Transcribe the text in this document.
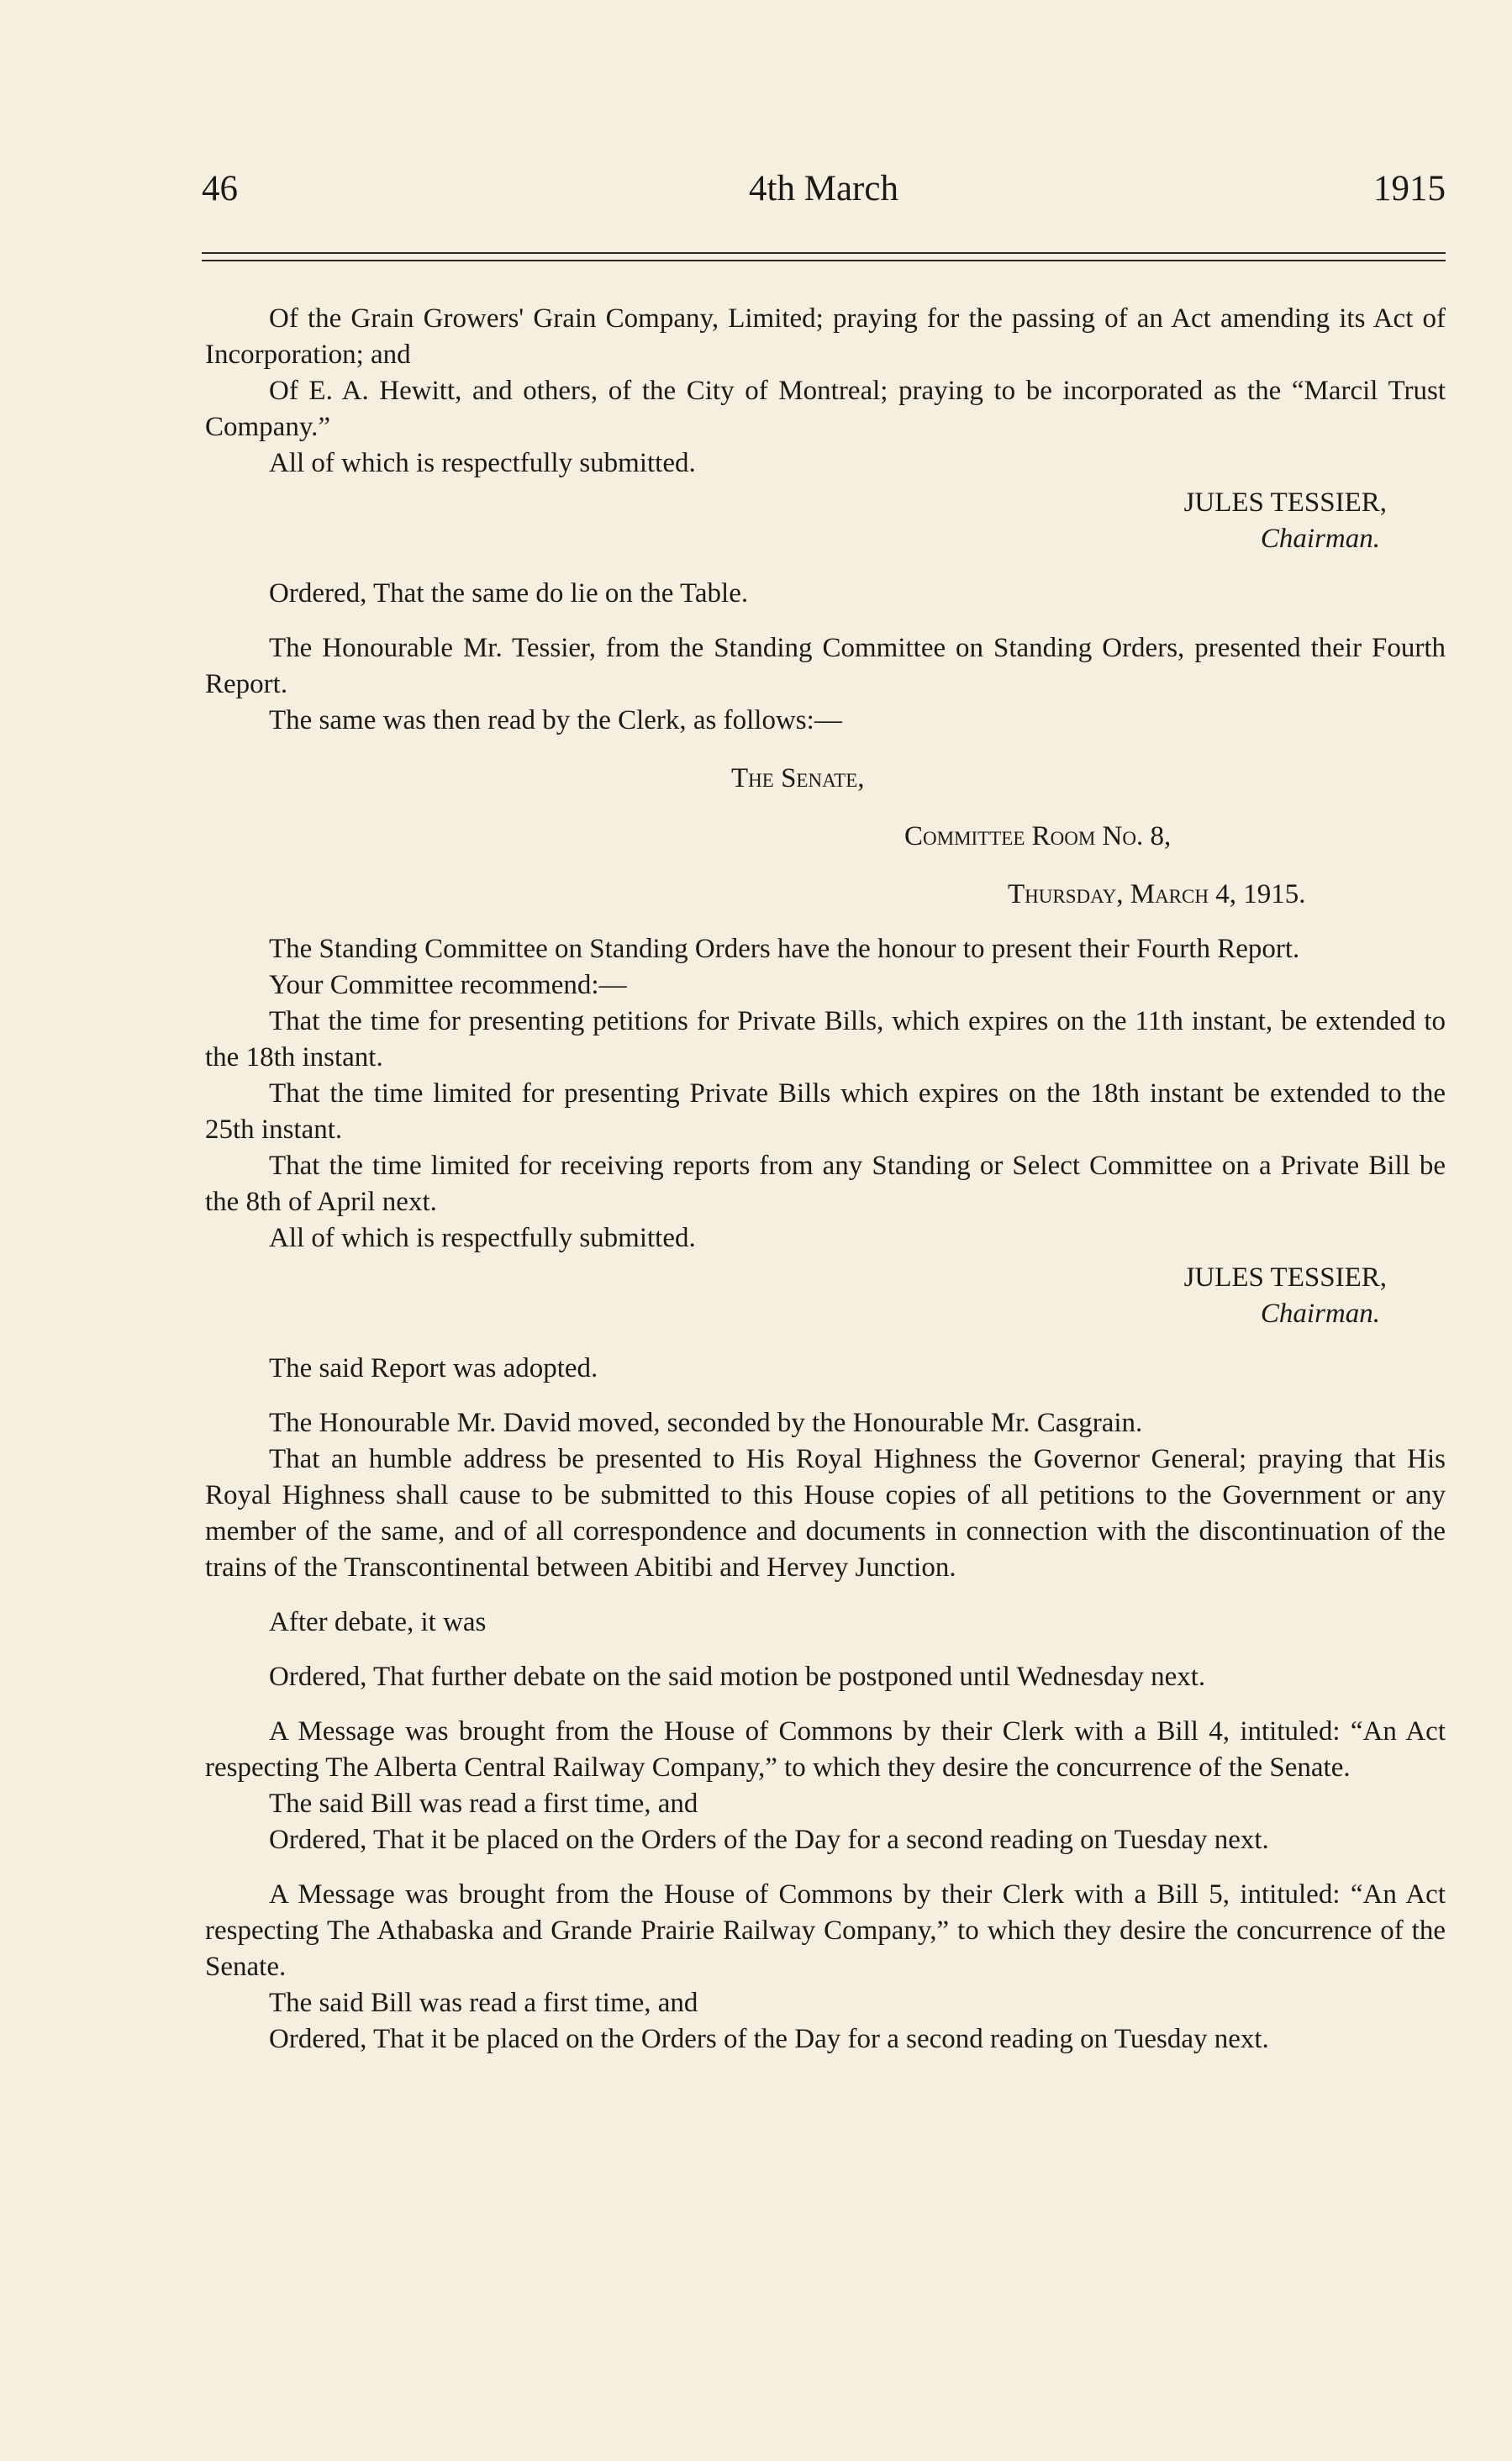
46	4th March	1915

Of the Grain Growers' Grain Company, Limited; praying for the passing of an Act amending its Act of Incorporation; and

Of E. A. Hewitt, and others, of the City of Montreal; praying to be incorporated as the “Marcil Trust Company.”

All of which is respectfully submitted.

JULES TESSIER,

Chairman.

Ordered, That the same do lie on the Table.

The Honourable Mr. Tessier, from the Standing Committee on Standing Orders, presented their Fourth Report.

The same was then read by the Clerk, as follows:—

The Senate,

Committee Room No. 8,

Thursday, March 4, 1915.

The Standing Committee on Standing Orders have the honour to present their Fourth Report.

Your Committee recommend:—

That the time for presenting petitions for Private Bills, which expires on the 11th instant, be extended to the 18th instant.

That the time limited for presenting Private Bills which expires on the 18th instant be extended to the 25th instant.

That the time limited for receiving reports from any Standing or Select Committee on a Private Bill be the 8th of April next.

All of which is respectfully submitted.

JULES TESSIER,

Chairman.

The said Report was adopted.

The Honourable Mr. David moved, seconded by the Honourable Mr. Casgrain.

That an humble address be presented to His Royal Highness the Governor General; praying that His Royal Highness shall cause to be submitted to this House copies of all petitions to the Government or any member of the same, and of all correspondence and documents in connection with the discontinuation of the trains of the Transcontinental between Abitibi and Hervey Junction.

After debate, it was

Ordered, That further debate on the said motion be postponed until Wednesday next.

A Message was brought from the House of Commons by their Clerk with a Bill 4, intituled: “An Act respecting The Alberta Central Railway Company,” to which they desire the concurrence of the Senate.

The said Bill was read a first time, and

Ordered, That it be placed on the Orders of the Day for a second reading on Tuesday next.

A Message was brought from the House of Commons by their Clerk with a Bill 5, intituled: “An Act respecting The Athabaska and Grande Prairie Railway Company,” to which they desire the concurrence of the Senate.

The said Bill was read a first time, and

Ordered, That it be placed on the Orders of the Day for a second reading on Tuesday next.
